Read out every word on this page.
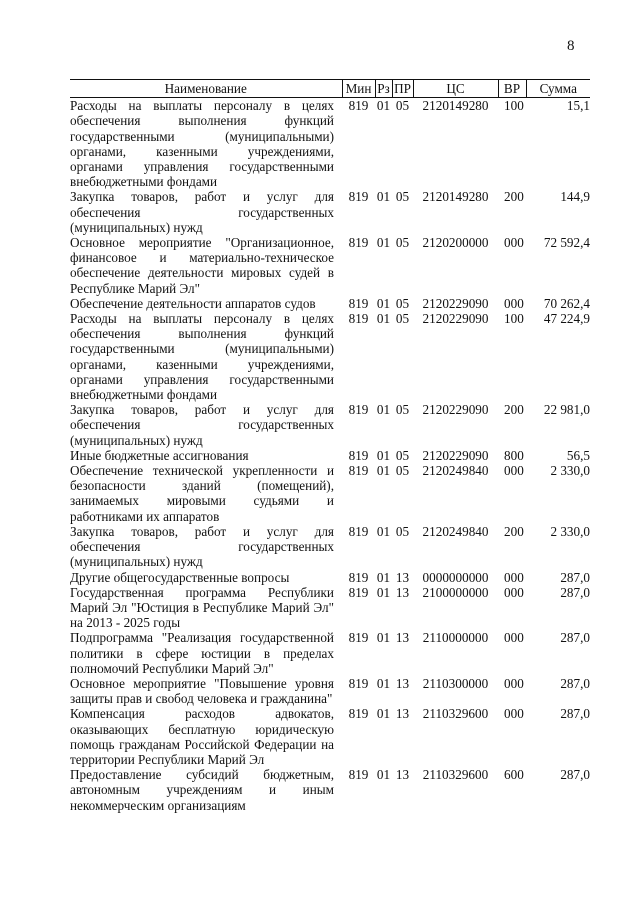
8
Наименование	Мин	Рз	ПР	ЦС	ВР	Сумма
Расходы на выплаты персоналу в целях обеспечения выполнения функций государственными (муниципальными) органами, казенными учреждениями, органами управления государственными внебюджетными фондами	819	01	05	2120149280	100	15,1
Закупка товаров, работ и услуг для обеспечения государственных (муниципальных) нужд	819	01	05	2120149280	200	144,9
Основное мероприятие "Организационное, финансовое и материально-техническое обеспечение деятельности мировых судей в Республике Марий Эл"	819	01	05	2120200000	000	72 592,4
Обеспечение деятельности аппаратов судов	819	01	05	2120229090	000	70 262,4
Расходы на выплаты персоналу в целях обеспечения выполнения функций государственными (муниципальными) органами, казенными учреждениями, органами управления государственными внебюджетными фондами	819	01	05	2120229090	100	47 224,9
Закупка товаров, работ и услуг для обеспечения государственных (муниципальных) нужд	819	01	05	2120229090	200	22 981,0
Иные бюджетные ассигнования	819	01	05	2120229090	800	56,5
Обеспечение технической укрепленности и безопасности зданий (помещений), занимаемых мировыми судьями и работниками их аппаратов	819	01	05	2120249840	000	2 330,0
Закупка товаров, работ и услуг для обеспечения государственных (муниципальных) нужд	819	01	05	2120249840	200	2 330,0
Другие общегосударственные вопросы	819	01	13	0000000000	000	287,0
Государственная программа Республики Марий Эл "Юстиция в Республике Марий Эл" на 2013 - 2025 годы	819	01	13	2100000000	000	287,0
Подпрограмма "Реализация государственной политики в сфере юстиции в пределах полномочий Республики Марий Эл"	819	01	13	2110000000	000	287,0
Основное мероприятие "Повышение уровня защиты прав и свобод человека и гражданина"	819	01	13	2110300000	000	287,0
Компенсация расходов адвокатов, оказывающих бесплатную юридическую помощь гражданам Российской Федерации на территории Республики Марий Эл	819	01	13	2110329600	000	287,0
Предоставление субсидий бюджетным, автономным учреждениям и иным некоммерческим организациям	819	01	13	2110329600	600	287,0
